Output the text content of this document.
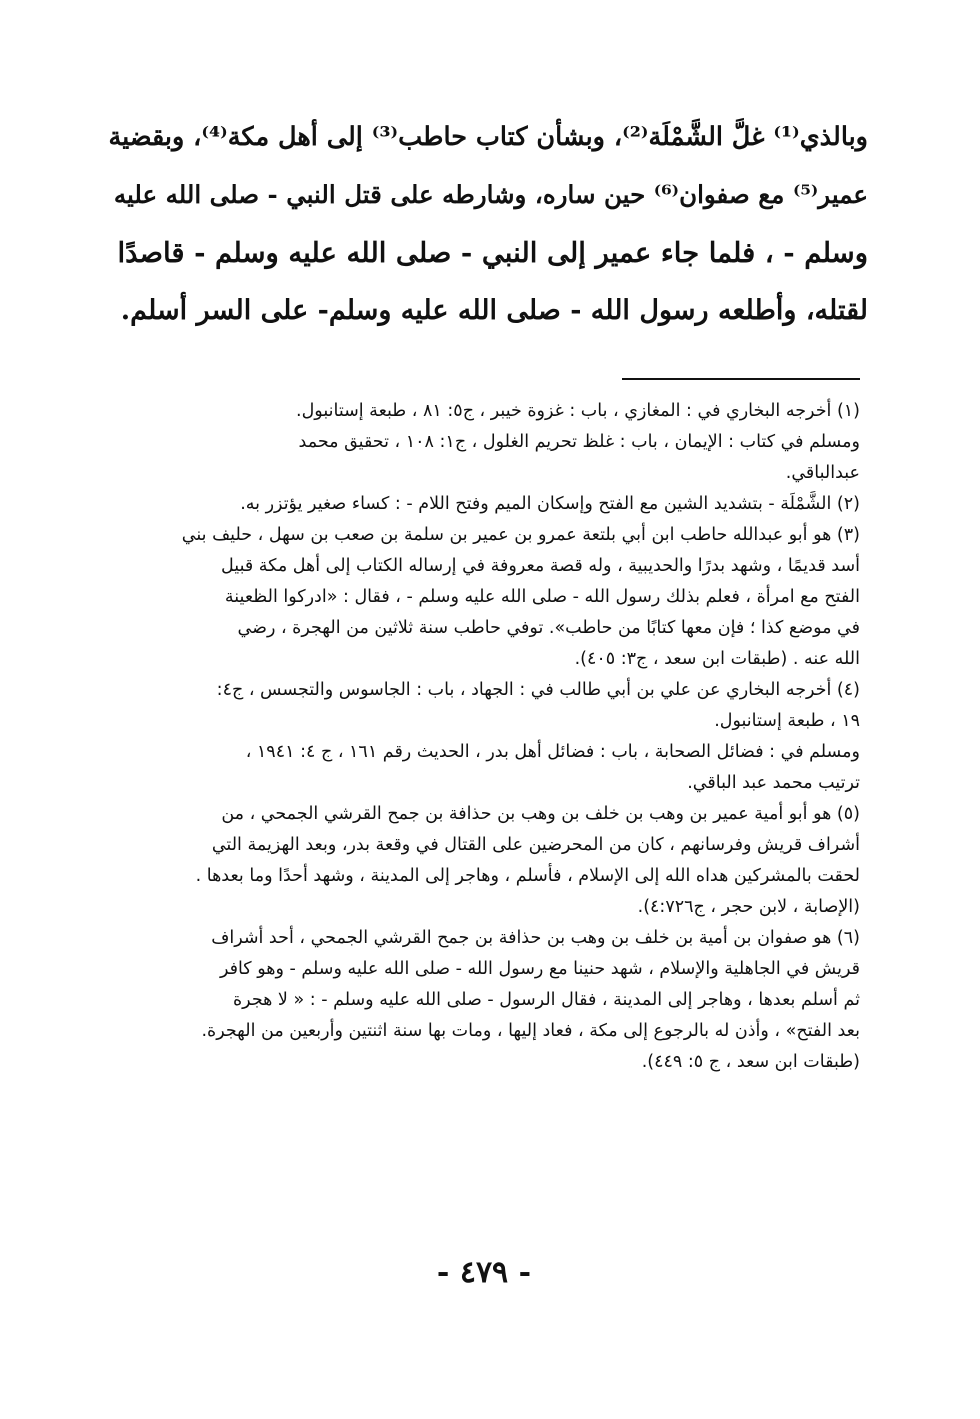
وبالذي⁽¹⁾ غلَّ الشَّمْلَة⁽²⁾، وبشأن كتاب حاطب⁽³⁾ إلى أهل مكة⁽⁴⁾، وبقضية
عمير⁽⁵⁾ مع صفوان⁽⁶⁾ حين ساره، وشارطه على قتل النبي - صلى الله عليه
وسلم - ، فلما جاء عمير إلى النبي - صلى الله عليه وسلم - قاصدًا
لقتله، وأطلعه رسول الله - صلى الله عليه وسلم- على السر أسلم.
(١) أخرجه البخاري في : المغازي ، باب : غزوة خيبر ، ج٥: ٨١ ، طبعة إستانبول.
ومسلم في كتاب : الإيمان ، باب : غلظ تحريم الغلول ، ج١: ١٠٨ ، تحقيق محمد
عبدالباقي.
(٢) الشَّمْلَة - بتشديد الشين مع الفتح وإسكان الميم وفتح اللام - : كساء صغير يؤتزر به.
(٣) هو أبو عبدالله حاطب ابن أبي بلتعة عمرو بن عمير بن سلمة بن صعب بن سهل ، حليف بني
أسد قديمًا ، وشهد بدرًا والحديبية ، وله قصة معروفة في إرساله الكتاب إلى أهل مكة قبيل
الفتح مع امرأة ، فعلم بذلك رسول الله - صلى الله عليه وسلم - ، فقال : «ادركوا الظعينة
في موضع كذا ؛ فإن معها كتابًا من حاطب». توفي حاطب سنة ثلاثين من الهجرة ، رضي
الله عنه . (طبقات ابن سعد ، ج٣: ٤٠٥).
(٤) أخرجه البخاري عن علي بن أبي طالب في : الجهاد ، باب : الجاسوس والتجسس ، ج٤:
١٩ ، طبعة إستانبول.
ومسلم في : فضائل الصحابة ، باب : فضائل أهل بدر ، الحديث رقم ١٦١ ، ج ٤: ١٩٤١ ،
ترتيب محمد عبد الباقي.
(٥) هو أبو أمية عمير بن وهب بن خلف بن وهب بن حذافة بن جمح القرشي الجمحي ، من
أشراف قريش وفرسانهم ، كان من المحرضين على القتال في وقعة بدر، وبعد الهزيمة التي
لحقت بالمشركين هداه الله إلى الإسلام ، فأسلم ، وهاجر إلى المدينة ، وشهد أحدًا وما بعدها .
(الإصابة ، لابن حجر ، ج٤:٧٢٦).
(٦) هو صفوان بن أمية بن خلف بن وهب بن حذافة بن جمح القرشي الجمحي ، أحد أشراف
قريش في الجاهلية والإسلام ، شهد حنينا مع رسول الله - صلى الله عليه وسلم - وهو كافر
ثم أسلم بعدها ، وهاجر إلى المدينة ، فقال الرسول - صلى الله عليه وسلم - : « لا هجرة
بعد الفتح» ، وأذن له بالرجوع إلى مكة ، فعاد إليها ، ومات بها سنة اثنتين وأربعين من الهجرة.
(طبقات ابن سعد ، ج ٥: ٤٤٩).
- ٤٧٩ -
